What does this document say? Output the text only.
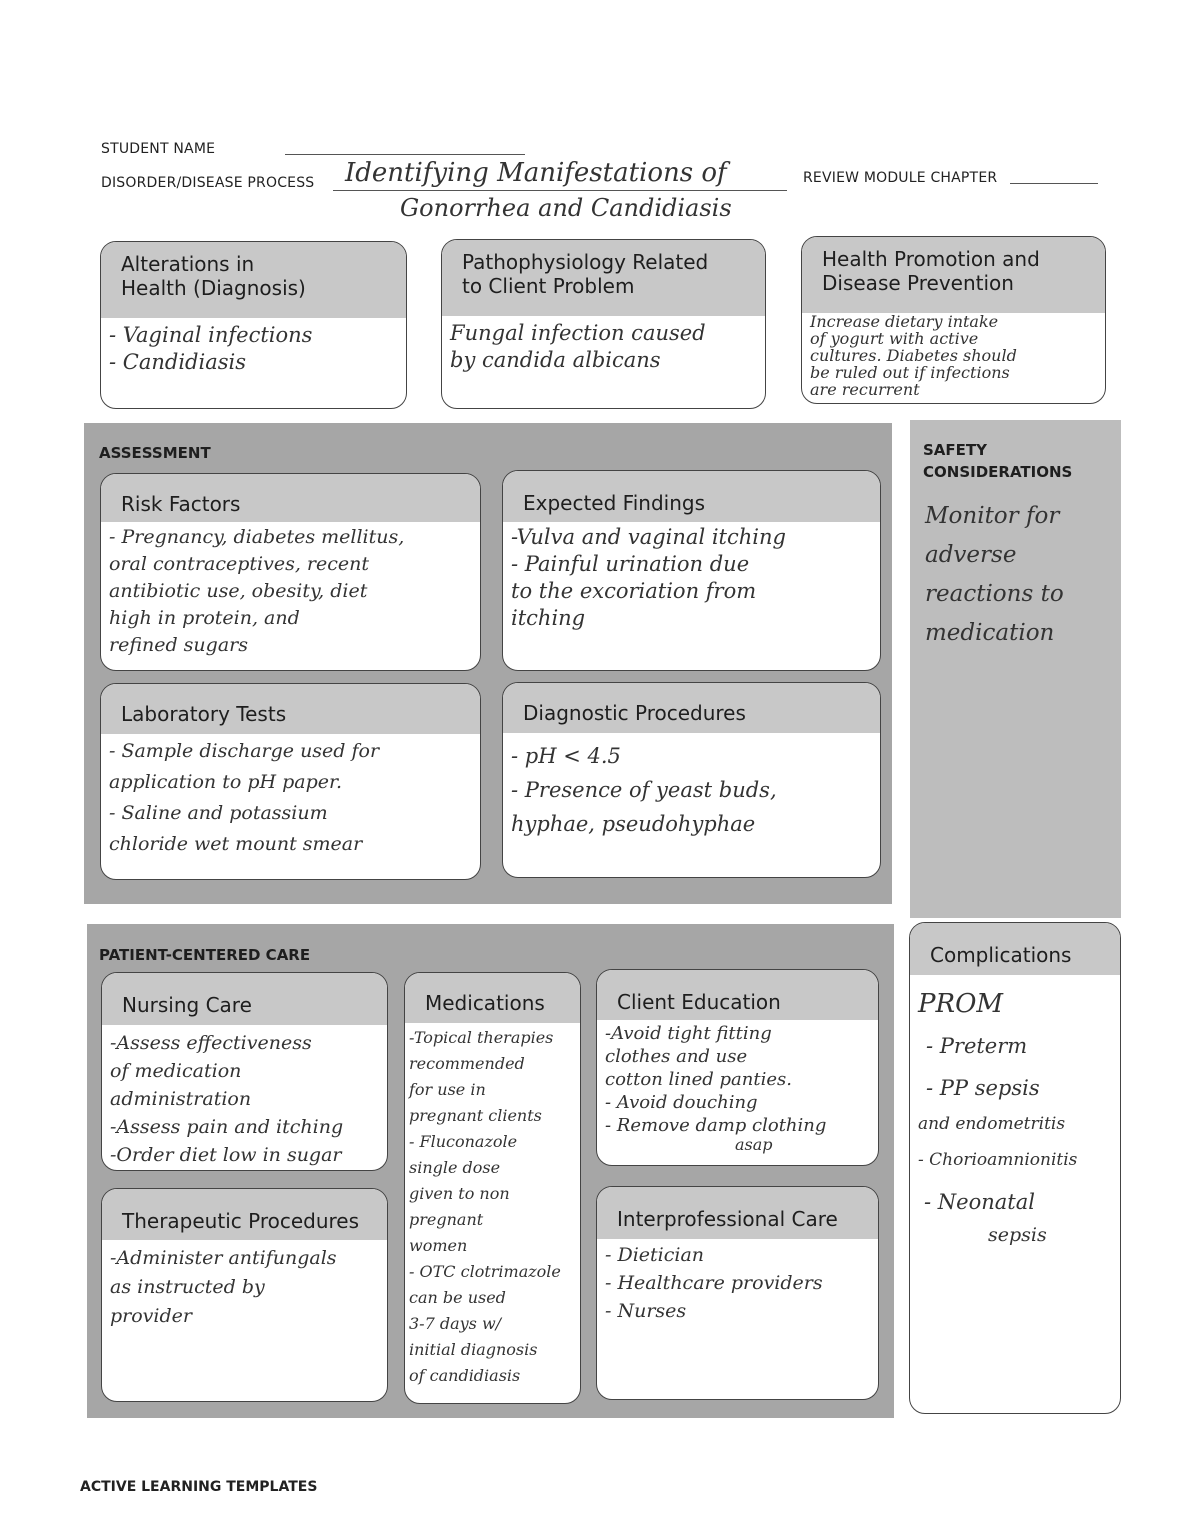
STUDENT NAME
DISORDER/DISEASE PROCESS Identifying Manifestations of
Gonorrhea and Candidiasis
REVIEW MODULE CHAPTER
Alterations in
Health (Diagnosis)
- Vaginal infections
- Candidiasis
Pathophysiology Related
to Client Problem
Fungal infection caused
by candida albicans
Health Promotion and
Disease Prevention
Increase dietary intake
of yogurt with active
cultures. Diabetes should
be ruled out if infections
are recurrent
ASSESSMENT
Risk Factors
- Pregnancy, diabetes mellitus,
oral contraceptives, recent
antibiotic use, obesity, diet
high in protein, and
refined sugars
Expected Findings
-Vulva and vaginal itching
- Painful urination due
to the excoriation from
itching
Laboratory Tests
- Sample discharge used for
application to pH paper.
- Saline and potassium
chloride wet mount smear
Diagnostic Procedures
- pH < 4.5
- Presence of yeast buds,
hyphae, pseudohyphae
SAFETY
CONSIDERATIONS
Monitor for
adverse
reactions to
medication
PATIENT-CENTERED CARE
Nursing Care
-Assess effectiveness
of medication
administration
-Assess pain and itching
-Order diet low in sugar
Medications
-Topical therapies
recommended
for use in
pregnant clients
- Fluconazole
single dose
given to non
pregnant
women
- OTC clotrimazole
can be used
3-7 days w/
initial diagnosis
of candidiasis
Client Education
-Avoid tight fitting
clothes and use
cotton lined panties.
- Avoid douching
- Remove damp clothing
asap
Therapeutic Procedures
-Administer antifungals
as instructed by
provider
Interprofessional Care
- Dietician
- Healthcare providers
- Nurses
Complications
PROM
- Preterm
- PP sepsis
and endometritis
- Chorioamnionitis
- Neonatal
sepsis
ACTIVE LEARNING TEMPLATES
